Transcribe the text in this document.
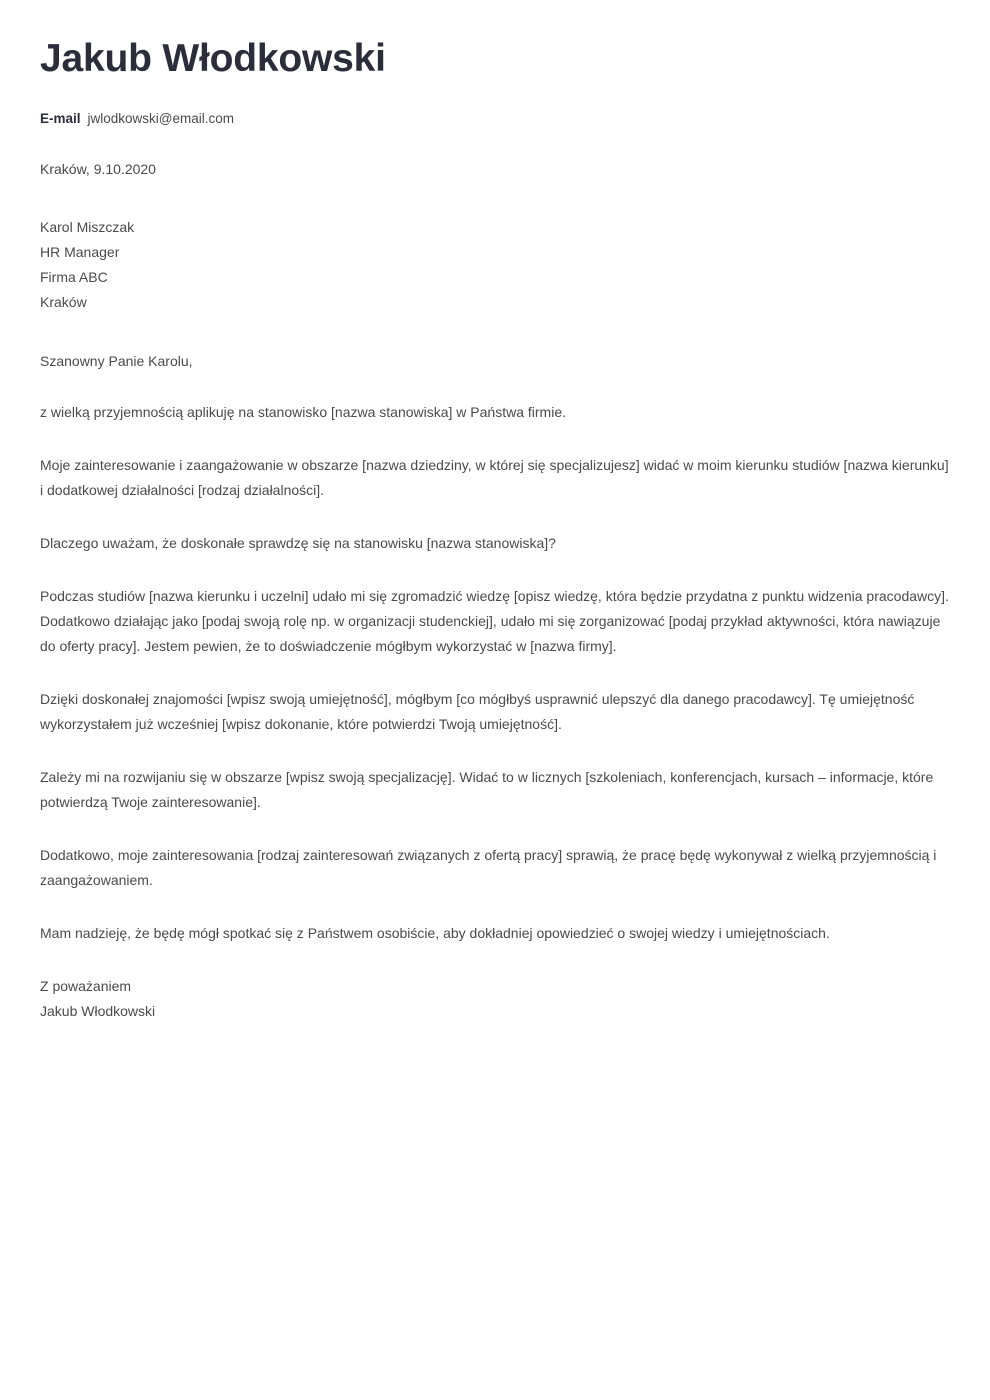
Jakub Włodkowski
E-mail jwlodkowski@email.com
Kraków, 9.10.2020
Karol Miszczak
HR Manager
Firma ABC
Kraków
Szanowny Panie Karolu,

z wielką przyjemnością aplikuję na stanowisko [nazwa stanowiska] w Państwa firmie.

Moje zainteresowanie i zaangażowanie w obszarze [nazwa dziedziny, w której się specjalizujesz] widać w moim kierunku studiów [nazwa kierunku] i dodatkowej działalności [rodzaj działalności].

Dlaczego uważam, że doskonałe sprawdzę się na stanowisku [nazwa stanowiska]?

Podczas studiów [nazwa kierunku i uczelni] udało mi się zgromadzić wiedzę [opisz wiedzę, która będzie przydatna z punktu widzenia pracodawcy]. Dodatkowo działając jako [podaj swoją rolę np. w organizacji studenckiej], udało mi się zorganizować [podaj przykład aktywności, która nawiązuje do oferty pracy]. Jestem pewien, że to doświadczenie mógłbym wykorzystać w [nazwa firmy].

Dzięki doskonałej znajomości [wpisz swoją umiejętność], mógłbym [co mógłbyś usprawnić ulepszyć dla danego pracodawcy]. Tę umiejętność wykorzystałem już wcześniej [wpisz dokonanie, które potwierdzi Twoją umiejętność].

Zależy mi na rozwijaniu się w obszarze [wpisz swoją specjalizację]. Widać to w licznych [szkoleniach, konferencjach, kursach – informacje, które potwierdzą Twoje zainteresowanie].

Dodatkowo, moje zainteresowania [rodzaj zainteresowań związanych z ofertą pracy] sprawią, że pracę będę wykonywał z wielką przyjemnością i zaangażowaniem.

Mam nadzieję, że będę mógł spotkać się z Państwem osobiście, aby dokładniej opowiedzieć o swojej wiedzy i umiejętnościach.

Z poważaniem
Jakub Włodkowski
